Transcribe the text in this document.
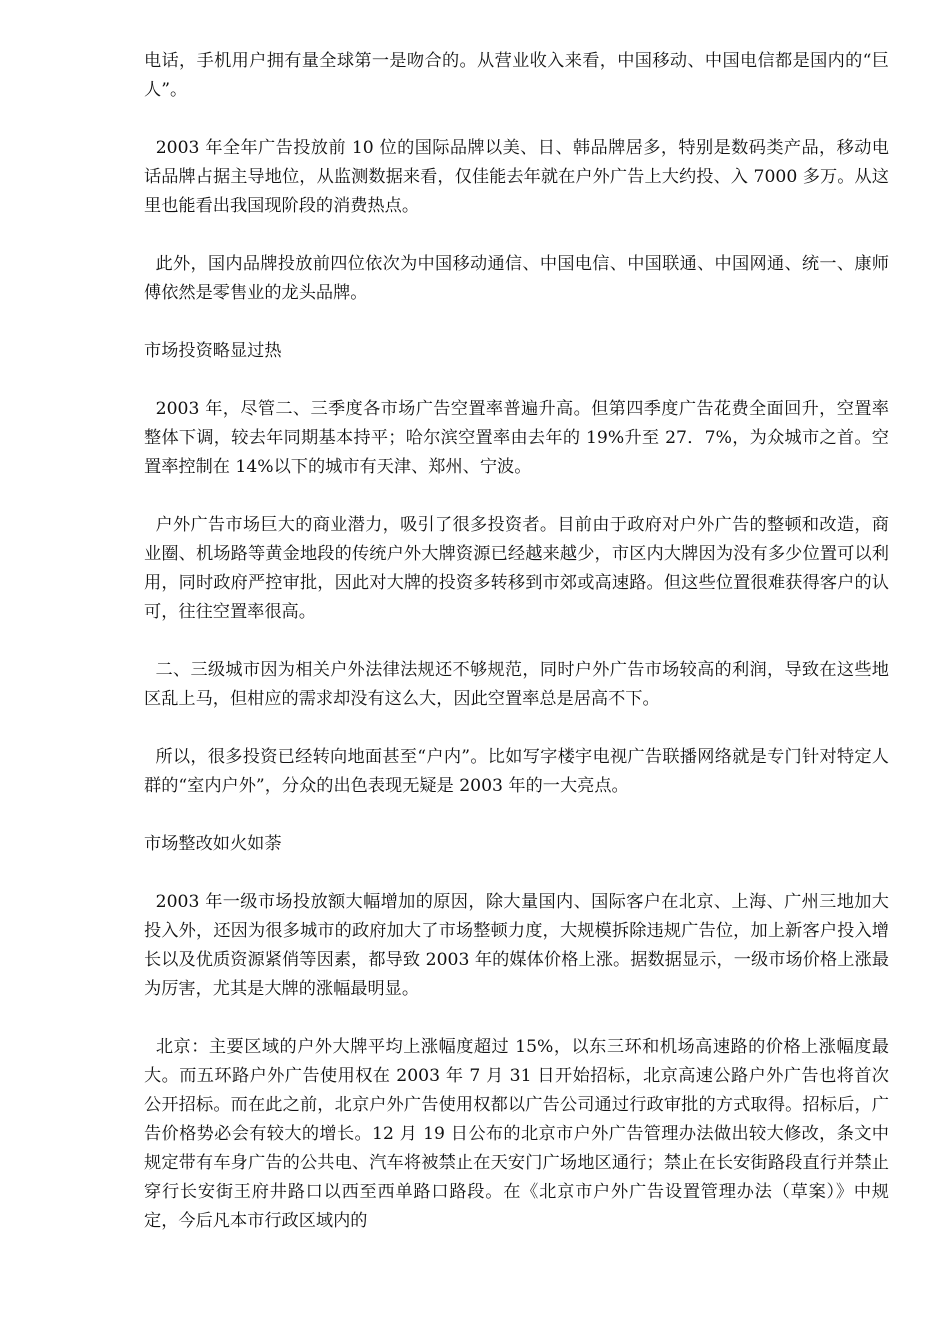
电话，手机用户拥有量全球第一是吻合的。从营业收入来看，中国移动、中国电信都是国内的“巨人”。

2003 年全年广告投放前 10 位的国际品牌以美、日、韩品牌居多，特别是数码类产品，移动电话品牌占据主导地位，从监测数据来看，仅佳能去年就在户外广告上大约投、入 7000 多万。从这里也能看出我国现阶段的消费热点。

此外，国内品牌投放前四位依次为中国移动通信、中国电信、中国联通、中国网通、统一、康师傅依然是零售业的龙头品牌。

市场投资略显过热

2003 年，尽管二、三季度各市场广告空置率普遍升高。但第四季度广告花费全面回升，空置率整体下调，较去年同期基本持平；哈尔滨空置率由去年的 19%升至 27．7%，为众城市之首。空置率控制在 14%以下的城市有天津、郑州、宁波。

户外广告市场巨大的商业潜力，吸引了很多投资者。目前由于政府对户外广告的整顿和改造，商业圈、机场路等黄金地段的传统户外大牌资源已经越来越少，市区内大牌因为没有多少位置可以利用，同时政府严控审批，因此对大牌的投资多转移到市郊或高速路。但这些位置很难获得客户的认可，往往空置率很高。

二、三级城市因为相关户外法律法规还不够规范，同时户外广告市场较高的利润，导致在这些地区乱上马，但柑应的需求却没有这么大，因此空置率总是居高不下。

所以，很多投资已经转向地面甚至“户内”。比如写字楼宇电视广告联播网络就是专门针对特定人群的“室内户外”，分众的出色表现无疑是 2003 年的一大亮点。

市场整改如火如荼

2003 年一级市场投放额大幅增加的原因，除大量国内、国际客户在北京、上海、广州三地加大投入外，还因为很多城市的政府加大了市场整顿力度，大规模拆除违规广告位，加上新客户投入增长以及优质资源紧俏等因素，都导致 2003 年的媒体价格上涨。据数据显示，一级市场价格上涨最为厉害，尤其是大牌的涨幅最明显。

北京：主要区域的户外大牌平均上涨幅度超过 15%，以东三环和机场高速路的价格上涨幅度最大。而五环路户外广告使用权在 2003 年 7 月 31 日开始招标，北京高速公路户外广告也将首次公开招标。而在此之前，北京户外广告使用权都以广告公司通过行政审批的方式取得。招标后，广告价格势必会有较大的增长。12 月 19 日公布的北京市户外广告管理办法做出较大修改，条文中规定带有车身广告的公共电、汽车将被禁止在天安门广场地区通行；禁止在长安街路段直行并禁止穿行长安街王府井路口以西至西单路口路段。在《北京市户外广告设置管理办法（草案）》中规定，今后凡本市行政区域内的
